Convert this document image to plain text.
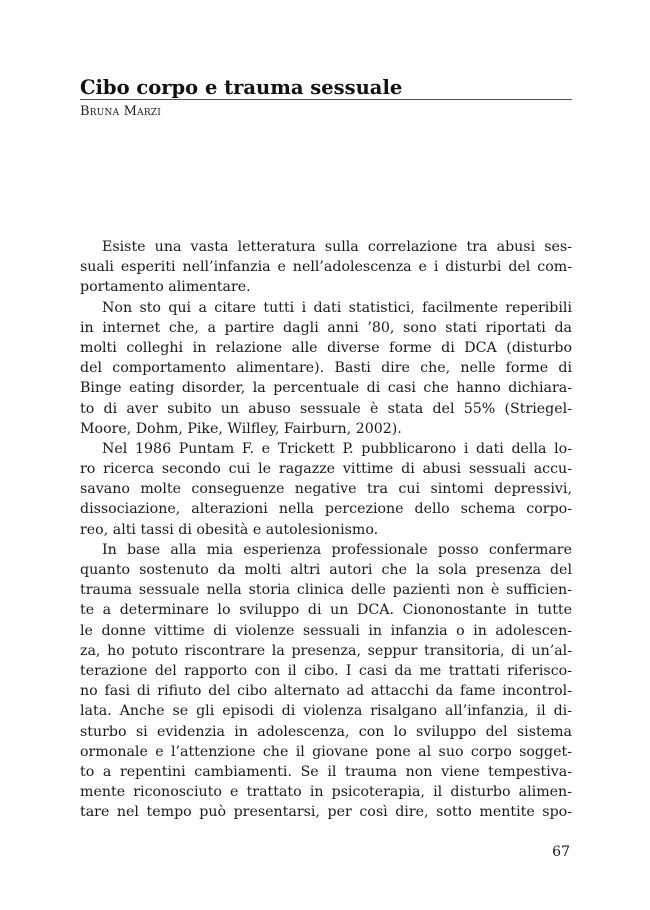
Cibo corpo e trauma sessuale

Bruna Marzi

Esiste una vasta letteratura sulla correlazione tra abusi ses-
suali esperiti nell’infanzia e nell’adolescenza e i disturbi del com-
portamento alimentare.
Non sto qui a citare tutti i dati statistici, facilmente reperibili
in internet che, a partire dagli anni ’80, sono stati riportati da
molti colleghi in relazione alle diverse forme di DCA (disturbo
del comportamento alimentare). Basti dire che, nelle forme di
Binge eating disorder, la percentuale di casi che hanno dichiara-
to di aver subito un abuso sessuale è stata del 55% (Striegel-
Moore, Dohm, Pike, Wilfley, Fairburn, 2002).
Nel 1986 Puntam F. e Trickett P. pubblicarono i dati della lo-
ro ricerca secondo cui le ragazze vittime di abusi sessuali accu-
savano molte conseguenze negative tra cui sintomi depressivi,
dissociazione, alterazioni nella percezione dello schema corpo-
reo, alti tassi di obesità e autolesionismo.
In base alla mia esperienza professionale posso confermare
quanto sostenuto da molti altri autori che la sola presenza del
trauma sessuale nella storia clinica delle pazienti non è sufficien-
te a determinare lo sviluppo di un DCA. Ciononostante in tutte
le donne vittime di violenze sessuali in infanzia o in adolescen-
za, ho potuto riscontrare la presenza, seppur transitoria, di un’al-
terazione del rapporto con il cibo. I casi da me trattati riferisco-
no fasi di rifiuto del cibo alternato ad attacchi da fame incontrol-
lata. Anche se gli episodi di violenza risalgano all’infanzia, il di-
sturbo si evidenzia in adolescenza, con lo sviluppo del sistema
ormonale e l’attenzione che il giovane pone al suo corpo sogget-
to a repentini cambiamenti. Se il trauma non viene tempestiva-
mente riconosciuto e trattato in psicoterapia, il disturbo alimen-
tare nel tempo può presentarsi, per così dire, sotto mentite spo-

67
